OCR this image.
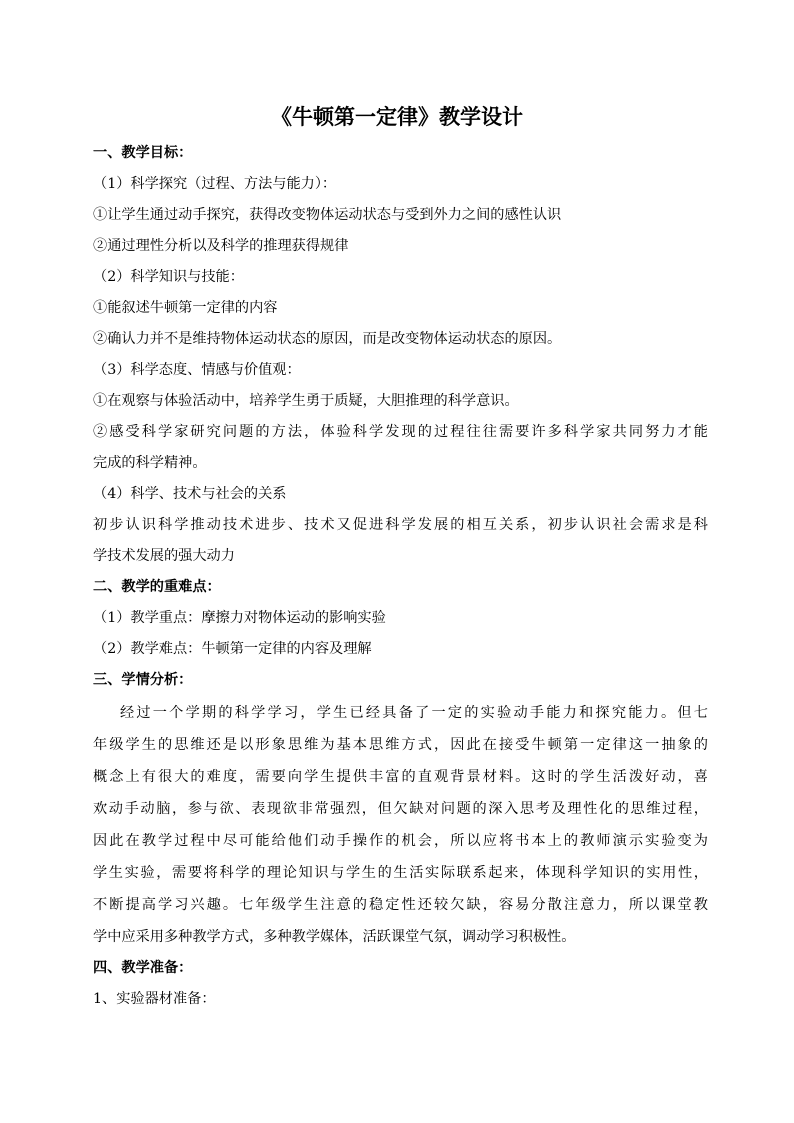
《牛顿第一定律》教学设计
一、教学目标：
（1）科学探究（过程、方法与能力）：
①让学生通过动手探究，获得改变物体运动状态与受到外力之间的感性认识
②通过理性分析以及科学的推理获得规律
（2）科学知识与技能：
①能叙述牛顿第一定律的内容
②确认力并不是维持物体运动状态的原因，而是改变物体运动状态的原因。
（3）科学态度、情感与价值观：
①在观察与体验活动中，培养学生勇于质疑，大胆推理的科学意识。
②感受科学家研究问题的方法，体验科学发现的过程往往需要许多科学家共同努力才能
完成的科学精神。
（4）科学、技术与社会的关系
初步认识科学推动技术进步、技术又促进科学发展的相互关系，初步认识社会需求是科
学技术发展的强大动力
二、教学的重难点：
（1）教学重点：摩擦力对物体运动的影响实验
（2）教学难点：牛顿第一定律的内容及理解
三、学情分析：
经过一个学期的科学学习，学生已经具备了一定的实验动手能力和探究能力。但七
年级学生的思维还是以形象思维为基本思维方式，因此在接受牛顿第一定律这一抽象的
概念上有很大的难度，需要向学生提供丰富的直观背景材料。这时的学生活泼好动，喜
欢动手动脑，参与欲、表现欲非常强烈，但欠缺对问题的深入思考及理性化的思维过程，
因此在教学过程中尽可能给他们动手操作的机会，所以应将书本上的教师演示实验变为
学生实验，需要将科学的理论知识与学生的生活实际联系起来，体现科学知识的实用性，
不断提高学习兴趣。七年级学生注意的稳定性还较欠缺，容易分散注意力，所以课堂教
学中应采用多种教学方式，多种教学媒体，活跃课堂气氛，调动学习积极性。
四、教学准备：
1、实验器材准备：
